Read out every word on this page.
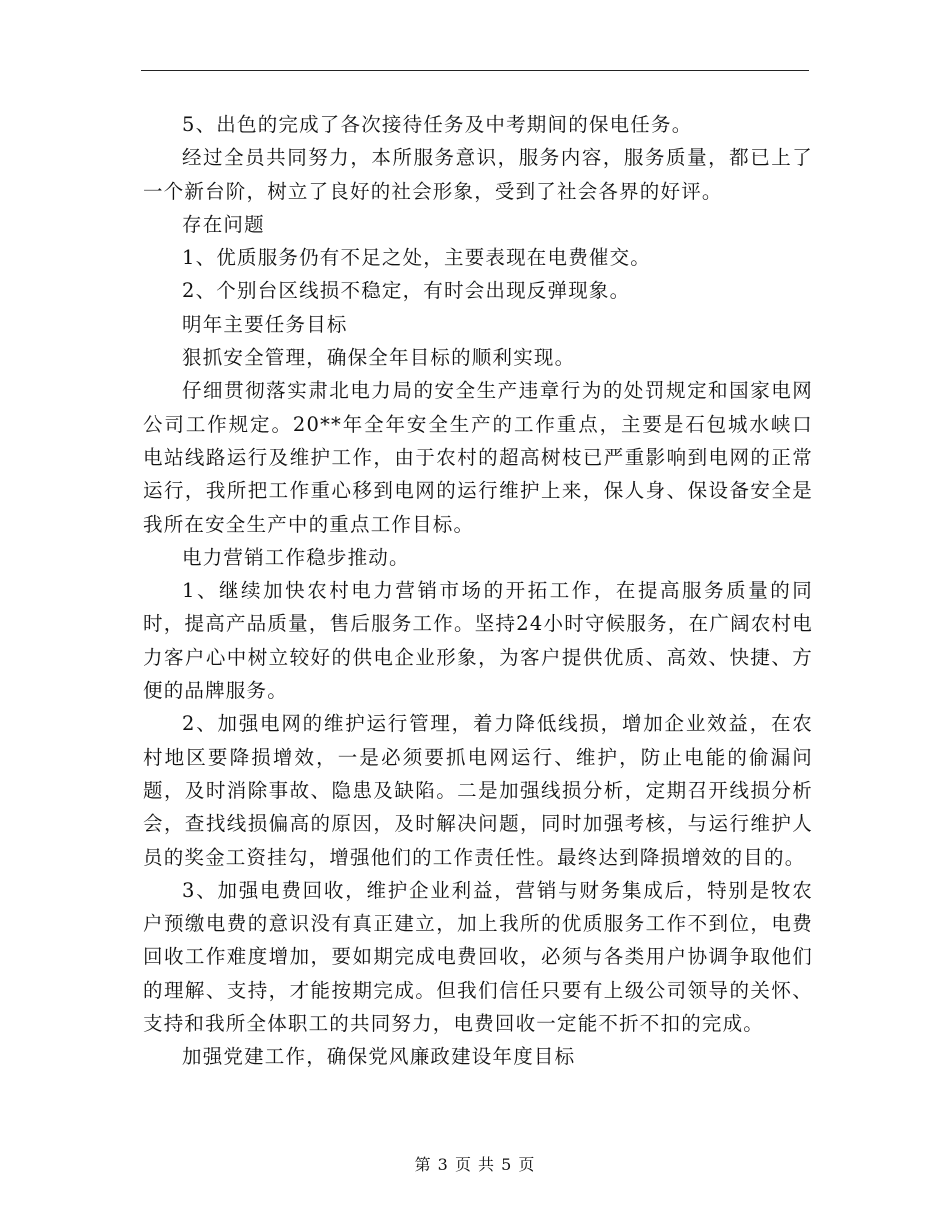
5、出色的完成了各次接待任务及中考期间的保电任务。

经过全员共同努力，本所服务意识，服务内容，服务质量，都已上了一个新台阶，树立了良好的社会形象，受到了社会各界的好评。

存在问题

1、优质服务仍有不足之处，主要表现在电费催交。

2、个别台区线损不稳定，有时会出现反弹现象。

明年主要任务目标

狠抓安全管理，确保全年目标的顺利实现。

仔细贯彻落实肃北电力局的安全生产违章行为的处罚规定和国家电网公司工作规定。20**年全年安全生产的工作重点，主要是石包城水峡口电站线路运行及维护工作，由于农村的超高树枝已严重影响到电网的正常运行，我所把工作重心移到电网的运行维护上来，保人身、保设备安全是我所在安全生产中的重点工作目标。

电力营销工作稳步推动。

1、继续加快农村电力营销市场的开拓工作，在提高服务质量的同时，提高产品质量，售后服务工作。坚持24小时守候服务，在广阔农村电力客户心中树立较好的供电企业形象，为客户提供优质、高效、快捷、方便的品牌服务。

2、加强电网的维护运行管理，着力降低线损，增加企业效益，在农村地区要降损增效，一是必须要抓电网运行、维护，防止电能的偷漏问题，及时消除事故、隐患及缺陷。二是加强线损分析，定期召开线损分析会，查找线损偏高的原因，及时解决问题，同时加强考核，与运行维护人员的奖金工资挂勾，增强他们的工作责任性。最终达到降损增效的目的。

3、加强电费回收，维护企业利益，营销与财务集成后，特别是牧农户预缴电费的意识没有真正建立，加上我所的优质服务工作不到位，电费回收工作难度增加，要如期完成电费回收，必须与各类用户协调争取他们的理解、支持，才能按期完成。但我们信任只要有上级公司领导的关怀、支持和我所全体职工的共同努力，电费回收一定能不折不扣的完成。

加强党建工作，确保党风廉政建设年度目标

第 3 页 共 5 页
